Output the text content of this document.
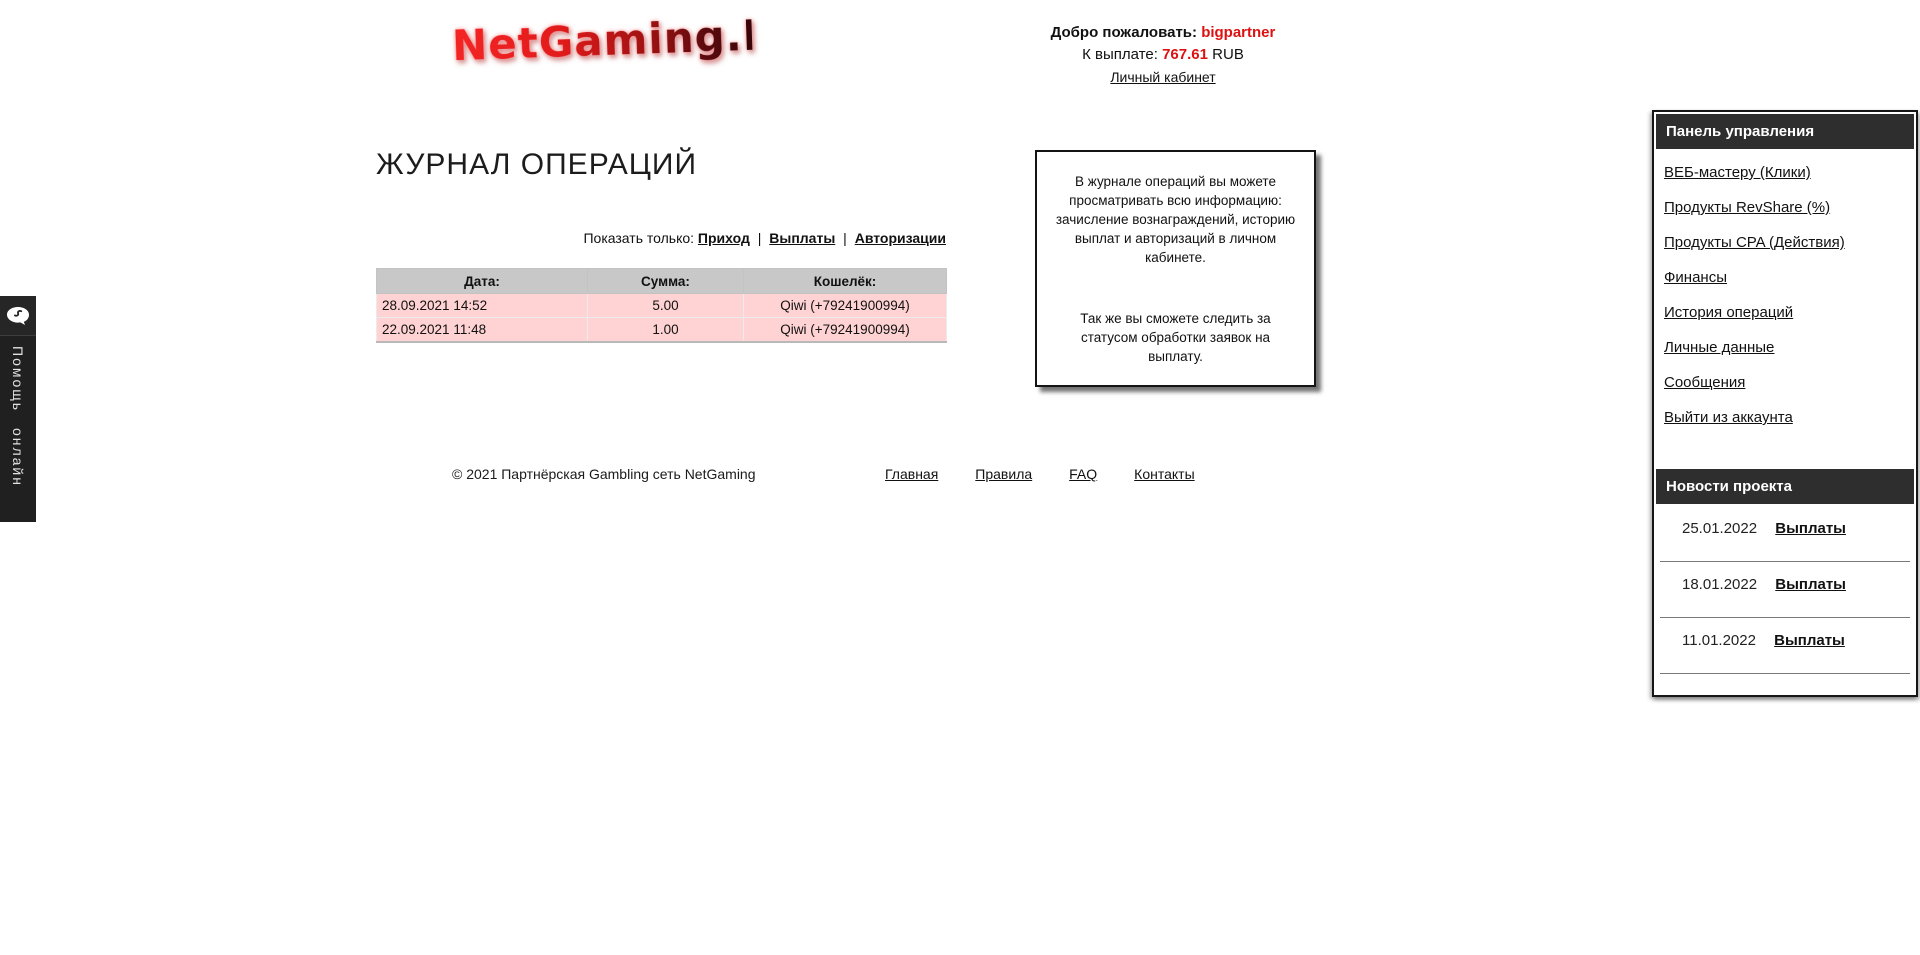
NetGaming.Fun	Добро пожаловать: bigpartner
К выплате: 767.61 RUB
Личный кабинет
Помощь онлайн
ЖУРНАЛ ОПЕРАЦИЙ
Показать только: Приход | Выплаты | Авторизации
Дата:	Сумма:	Кошелёк:
28.09.2021 14:52	5.00	Qiwi (+79241900994)
22.09.2021 11:48	1.00	Qiwi (+79241900994)

В журнале операций вы можете просматривать всю информацию: зачисление вознаграждений, историю выплат и авторизаций в личном кабинете.

Так же вы сможете следить за статусом обработки заявок на выплату.

Панель управления
ВЕБ-мастеру (Клики)
Продукты RevShare (%)
Продукты CPA (Действия)
Финансы
История операций
Личные данные
Сообщения
Выйти из аккаунта
Новости проекта
25.01.2022 Выплаты
18.01.2022 Выплаты
11.01.2022 Выплаты
© 2021 Партнёрская Gambling сеть NetGaming	Главная	Правила	FAQ	Контакты
